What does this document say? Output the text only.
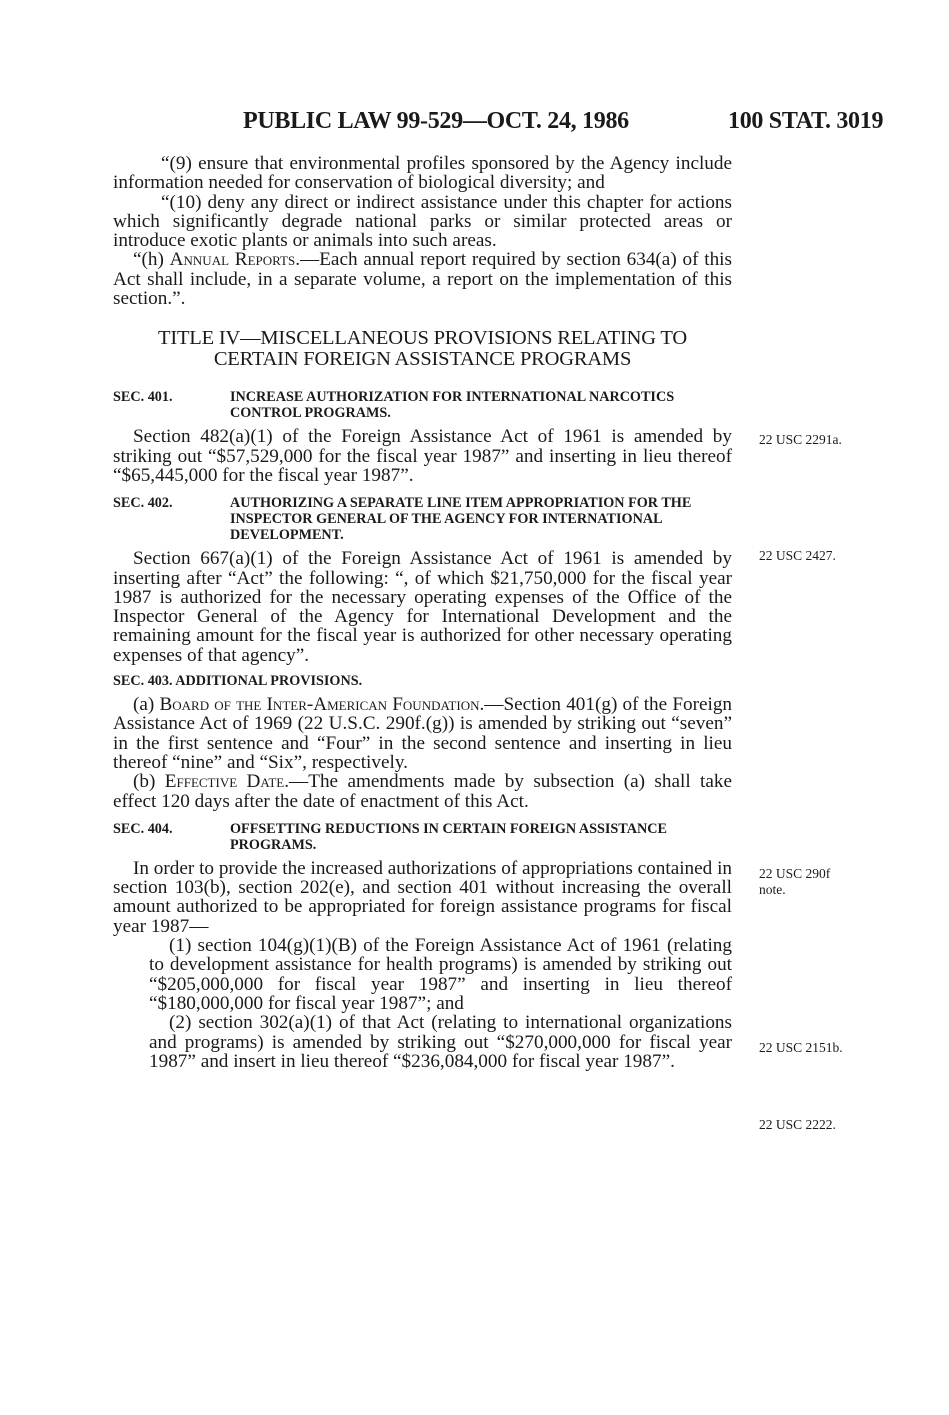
PUBLIC LAW 99-529—OCT. 24, 1986	100 STAT. 3019

“(9) ensure that environmental profiles sponsored by the Agency include information needed for conservation of biological diversity; and

“(10) deny any direct or indirect assistance under this chapter for actions which significantly degrade national parks or similar protected areas or introduce exotic plants or animals into such areas.

“(h) Annual Reports.—Each annual report required by section 634(a) of this Act shall include, in a separate volume, a report on the implementation of this section.”.

TITLE IV—MISCELLANEOUS PROVISIONS RELATING TO
CERTAIN FOREIGN ASSISTANCE PROGRAMS
SEC. 401.	INCREASE AUTHORIZATION FOR INTERNATIONAL NARCOTICS CONTROL PROGRAMS.

Section 482(a)(1) of the Foreign Assistance Act of 1961 is amended by striking out “$57,529,000 for the fiscal year 1987” and inserting in lieu thereof “$65,445,000 for the fiscal year 1987”.

SEC. 402.	AUTHORIZING A SEPARATE LINE ITEM APPROPRIATION FOR THE INSPECTOR GENERAL OF THE AGENCY FOR INTERNATIONAL DEVELOPMENT.

Section 667(a)(1) of the Foreign Assistance Act of 1961 is amended by inserting after “Act” the following: “, of which $21,750,000 for the fiscal year 1987 is authorized for the necessary operating expenses of the Office of the Inspector General of the Agency for International Development and the remaining amount for the fiscal year is authorized for other necessary operating expenses of that agency”.

SEC. 403. ADDITIONAL PROVISIONS.

(a) Board of the Inter-American Foundation.—Section 401(g) of the Foreign Assistance Act of 1969 (22 U.S.C. 290f.(g)) is amended by striking out “seven” in the first sentence and “Four” in the second sentence and inserting in lieu thereof “nine” and “Six”, respectively.

(b) Effective Date.—The amendments made by subsection (a) shall take effect 120 days after the date of enactment of this Act.

SEC. 404.	OFFSETTING REDUCTIONS IN CERTAIN FOREIGN ASSISTANCE PROGRAMS.

In order to provide the increased authorizations of appropriations contained in section 103(b), section 202(e), and section 401 without increasing the overall amount authorized to be appropriated for foreign assistance programs for fiscal year 1987—

(1) section 104(g)(1)(B) of the Foreign Assistance Act of 1961 (relating to development assistance for health programs) is amended by striking out “$205,000,000 for fiscal year 1987” and inserting in lieu thereof “$180,000,000 for fiscal year 1987”; and

(2) section 302(a)(1) of that Act (relating to international organizations and programs) is amended by striking out “$270,000,000 for fiscal year 1987” and insert in lieu thereof “$236,084,000 for fiscal year 1987”.

22 USC 2291a.
22 USC 2427.
22 USC 290f
note.
22 USC 2151b.
22 USC 2222.
